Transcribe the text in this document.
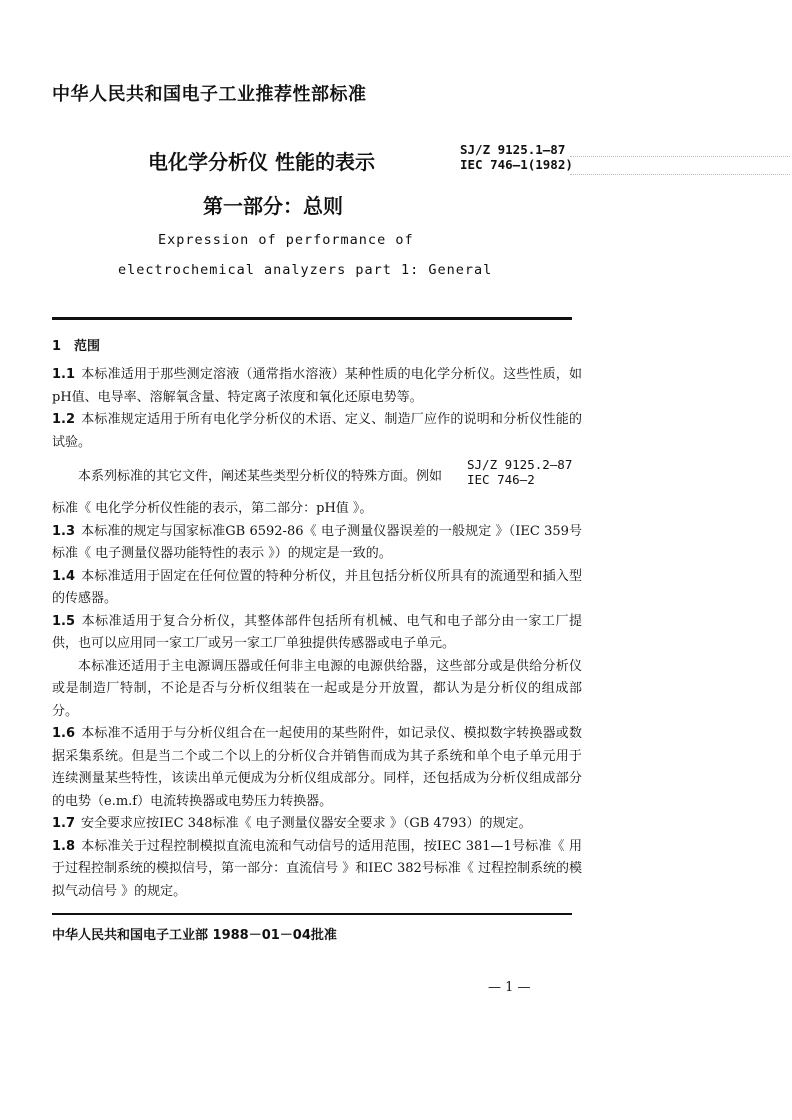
中华人民共和国电子工业推荐性部标准
电化学分析仪 性能的表示
第一部分：总则
SJ/Z 9125.1—87
IEC 746—1(1982)
Expression of performance of
electrochemical analyzers part 1: General
1　范围

1.1 本标准适用于那些测定溶液（通常指水溶液）某种性质的电化学分析仪。这些性质，如pH值、电导率、溶解氧含量、特定离子浓度和氧化还原电势等。

1.2 本标准规定适用于所有电化学分析仪的术语、定义、制造厂应作的说明和分析仪性能的试验。

本系列标准的其它文件，阐述某些类型分析仪的特殊方面。例如
SJ/Z 9125.2—87
IEC 746—2

标准《 电化学分析仪性能的表示，第二部分：pH值 》。

1.3 本标准的规定与国家标准GB 6592-86《 电子测量仪器误差的一般规定 》（IEC 359号标准《 电子测量仪器功能特性的表示 》）的规定是一致的。

1.4 本标准适用于固定在任何位置的特种分析仪，并且包括分析仪所具有的流通型和插入型的传感器。

1.5 本标准适用于复合分析仪，其整体部件包括所有机械、电气和电子部分由一家工厂提供，也可以应用同一家工厂或另一家工厂单独提供传感器或电子单元。

本标准还适用于主电源调压器或任何非主电源的电源供给器，这些部分或是供给分析仪或是制造厂特制，不论是否与分析仪组装在一起或是分开放置，都认为是分析仪的组成部分。

1.6 本标准不适用于与分析仪组合在一起使用的某些附件，如记录仪、模拟数字转换器或数据采集系统。但是当二个或二个以上的分析仪合并销售而成为其子系统和单个电子单元用于连续测量某些特性，该读出单元便成为分析仪组成部分。同样，还包括成为分析仪组成部分的电势（e.m.f）电流转换器或电势压力转换器。

1.7 安全要求应按IEC 348标准《 电子测量仪器安全要求 》（GB 4793）的规定。

1.8 本标准关于过程控制模拟直流电流和气动信号的适用范围，按IEC 381—1号标准《 用于过程控制系统的模拟信号，第一部分：直流信号 》和IEC 382号标准《 过程控制系统的模拟气动信号 》的规定。

中华人民共和国电子工业部 1988－01－04批准
— 1 —
